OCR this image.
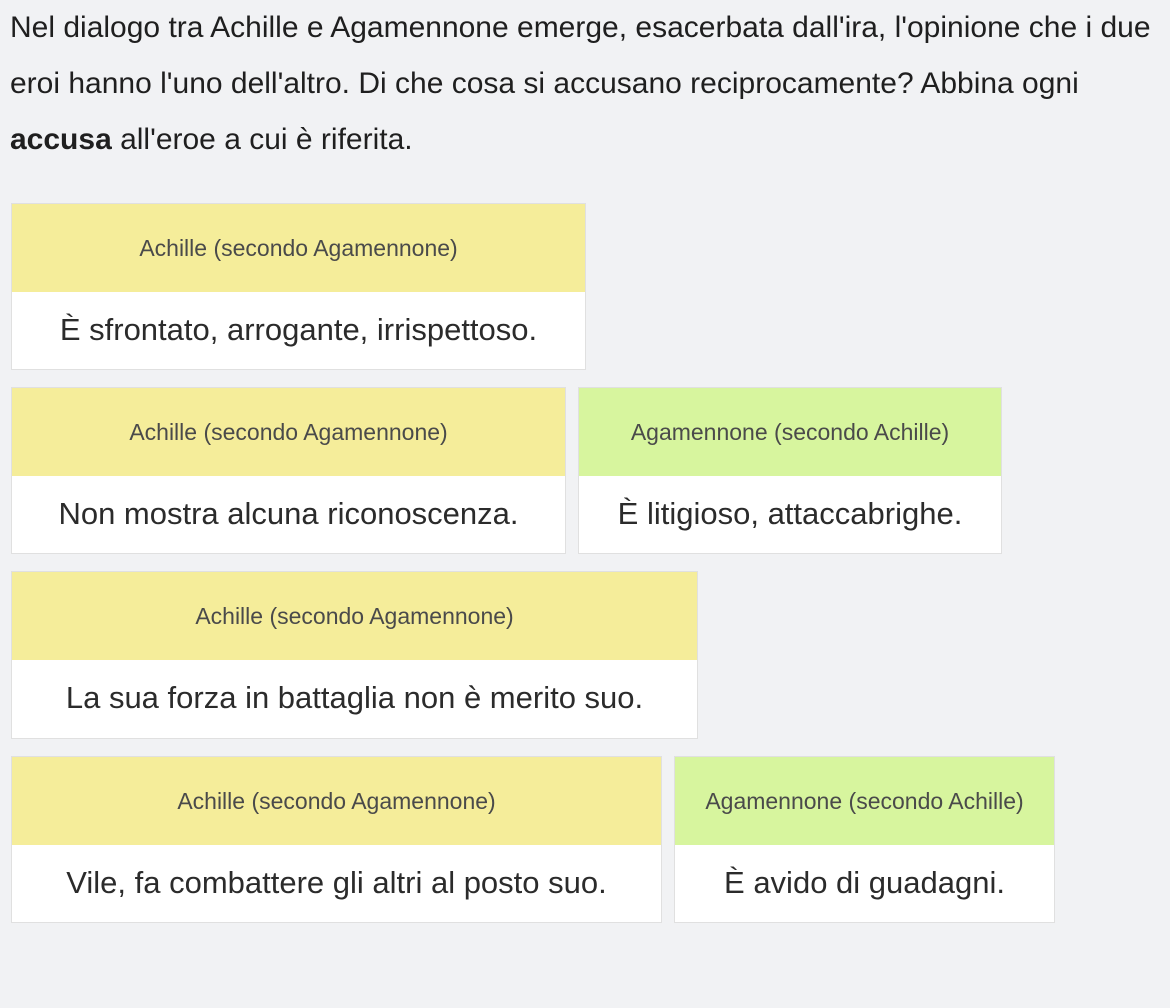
Nel dialogo tra Achille e Agamennone emerge, esacerbata dall'ira, l'opinione che i due eroi hanno l'uno dell'altro. Di che cosa si accusano reciprocamente? Abbina ogni accusa all'eroe a cui è riferita.

Achille (secondo Agamennone)
È sfrontato, arrogante, irrispettoso.
Achille (secondo Agamennone)
Non mostra alcuna riconoscenza.
Agamennone (secondo Achille)
È litigioso, attaccabrighe.
Achille (secondo Agamennone)
La sua forza in battaglia non è merito suo.
Achille (secondo Agamennone)
Vile, fa combattere gli altri al posto suo.
Agamennone (secondo Achille)
È avido di guadagni.
